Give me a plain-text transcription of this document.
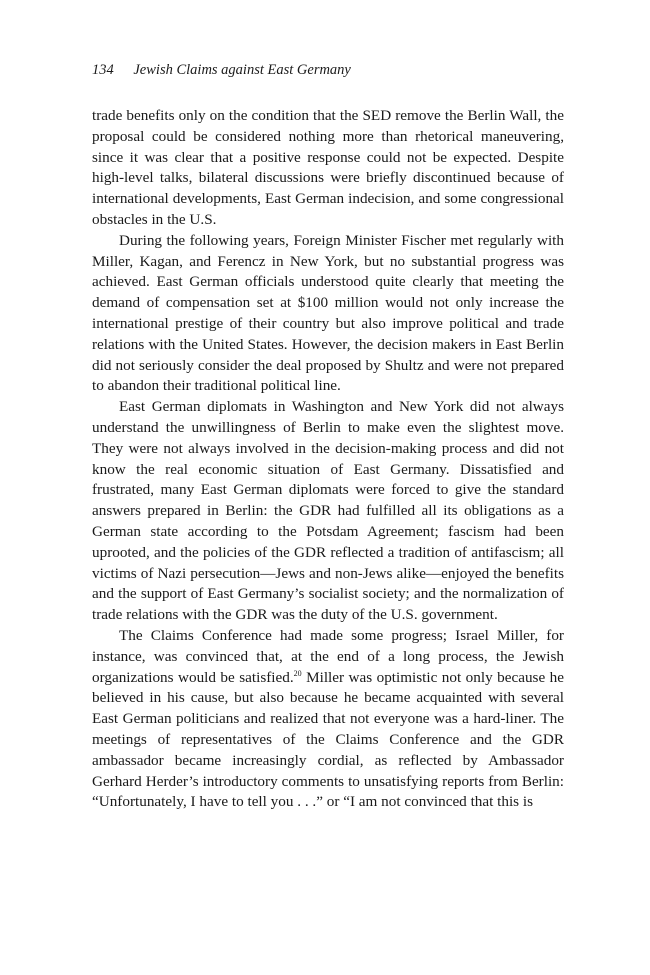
134 Jewish Claims against East Germany

trade benefits only on the condition that the SED remove the Berlin Wall, the proposal could be considered nothing more than rhetorical maneuvering, since it was clear that a positive response could not be expected. Despite high-level talks, bilateral discussions were briefly discontinued because of international developments, East German indecision, and some congressional obstacles in the U.S.

During the following years, Foreign Minister Fischer met regularly with Miller, Kagan, and Ferencz in New York, but no substantial progress was achieved. East German officials understood quite clearly that meeting the demand of compensation set at $100 million would not only increase the international prestige of their country but also improve political and trade relations with the United States. However, the decision makers in East Berlin did not seriously consider the deal proposed by Shultz and were not prepared to abandon their traditional political line.

East German diplomats in Washington and New York did not always understand the unwillingness of Berlin to make even the slightest move. They were not always involved in the decision-making process and did not know the real economic situation of East Germany. Dissatisfied and frustrated, many East German diplomats were forced to give the standard answers prepared in Berlin: the GDR had fulfilled all its obligations as a German state according to the Potsdam Agreement; fascism had been uprooted, and the policies of the GDR reflected a tradition of antifascism; all victims of Nazi persecution—Jews and non-Jews alike—enjoyed the benefits and the support of East Germany’s socialist society; and the normalization of trade relations with the GDR was the duty of the U.S. government.

The Claims Conference had made some progress; Israel Miller, for instance, was convinced that, at the end of a long process, the Jewish organizations would be satisfied.$^{20}$ Miller was optimistic not only because he believed in his cause, but also because he became acquainted with several East German politicians and realized that not everyone was a hard-liner. The meetings of representatives of the Claims Conference and the GDR ambassador became increasingly cordial, as reflected by Ambassador Gerhard Herder’s introductory comments to unsatisfying reports from Berlin: “Unfortunately, I have to tell you . . .” or “I am not convinced that this is
